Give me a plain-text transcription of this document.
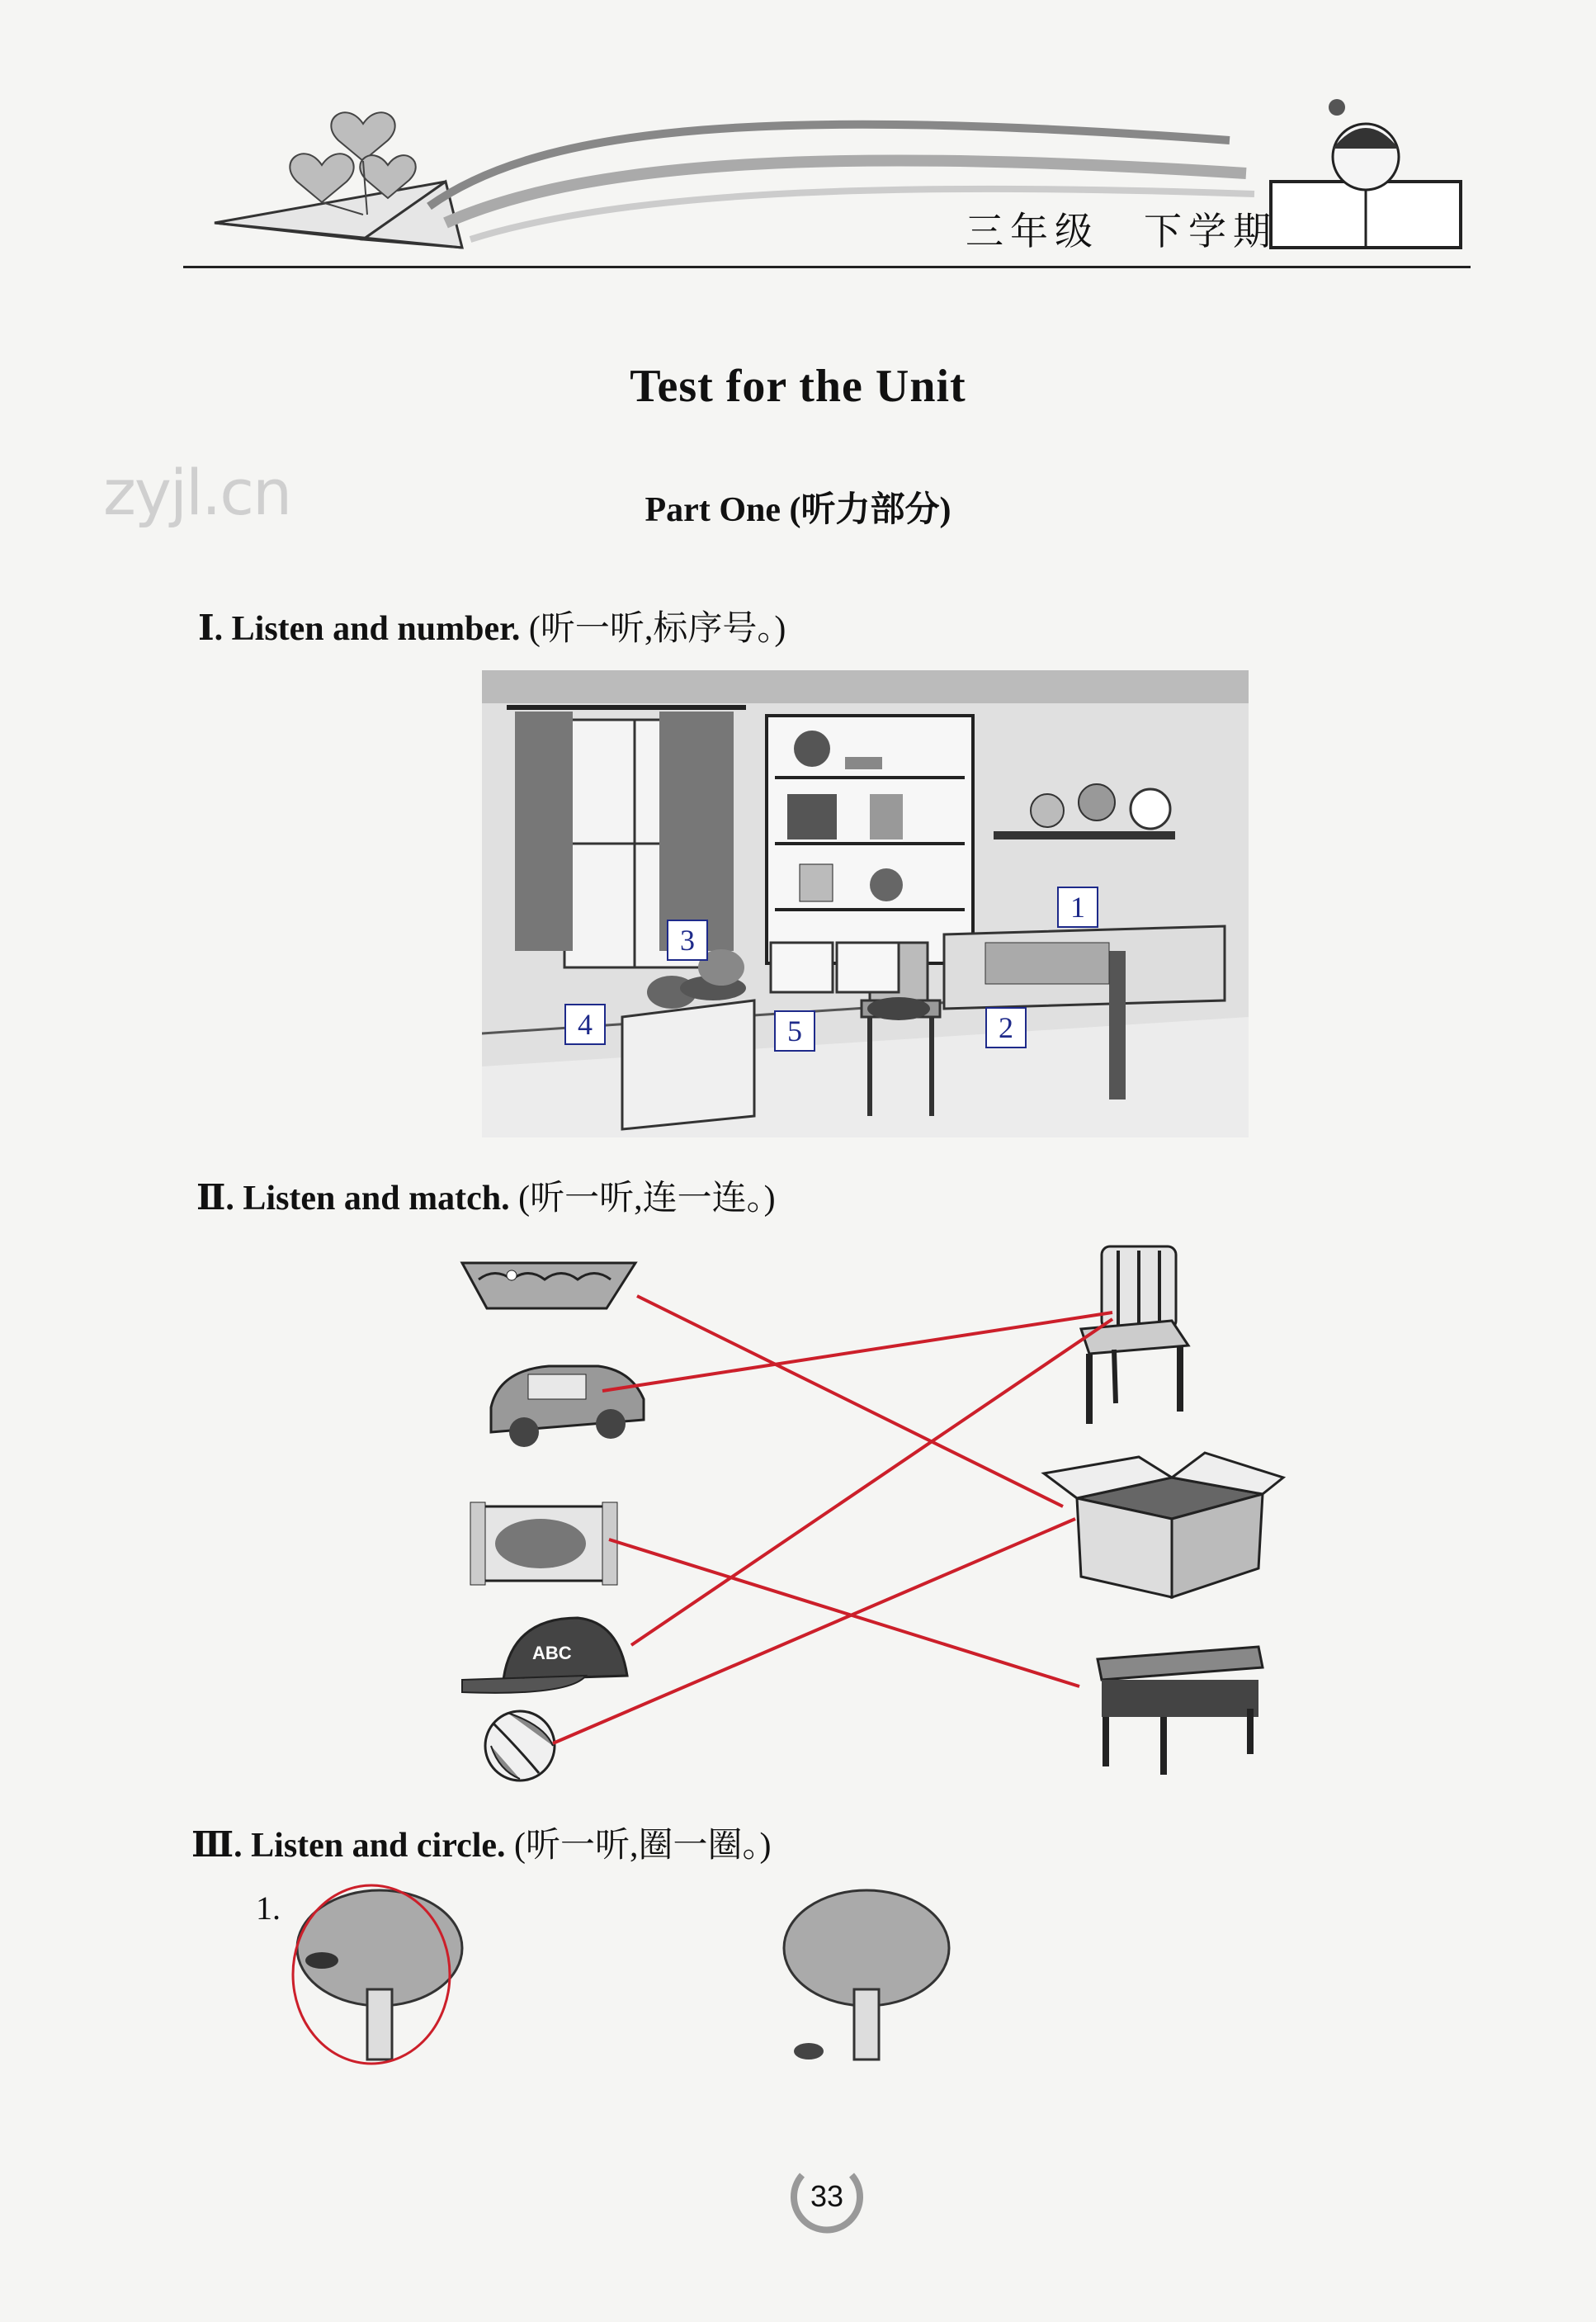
三年级　下学期
zyjl.cn
Test for the Unit
Part One (听力部分)
Ⅰ. Listen and number. (听一听,标序号。)
1
2
3
4	5
Ⅱ. Listen and match. (听一听,连一连。)
ABC
Ⅲ. Listen and circle. (听一听,圈一圈。)
1.
33
